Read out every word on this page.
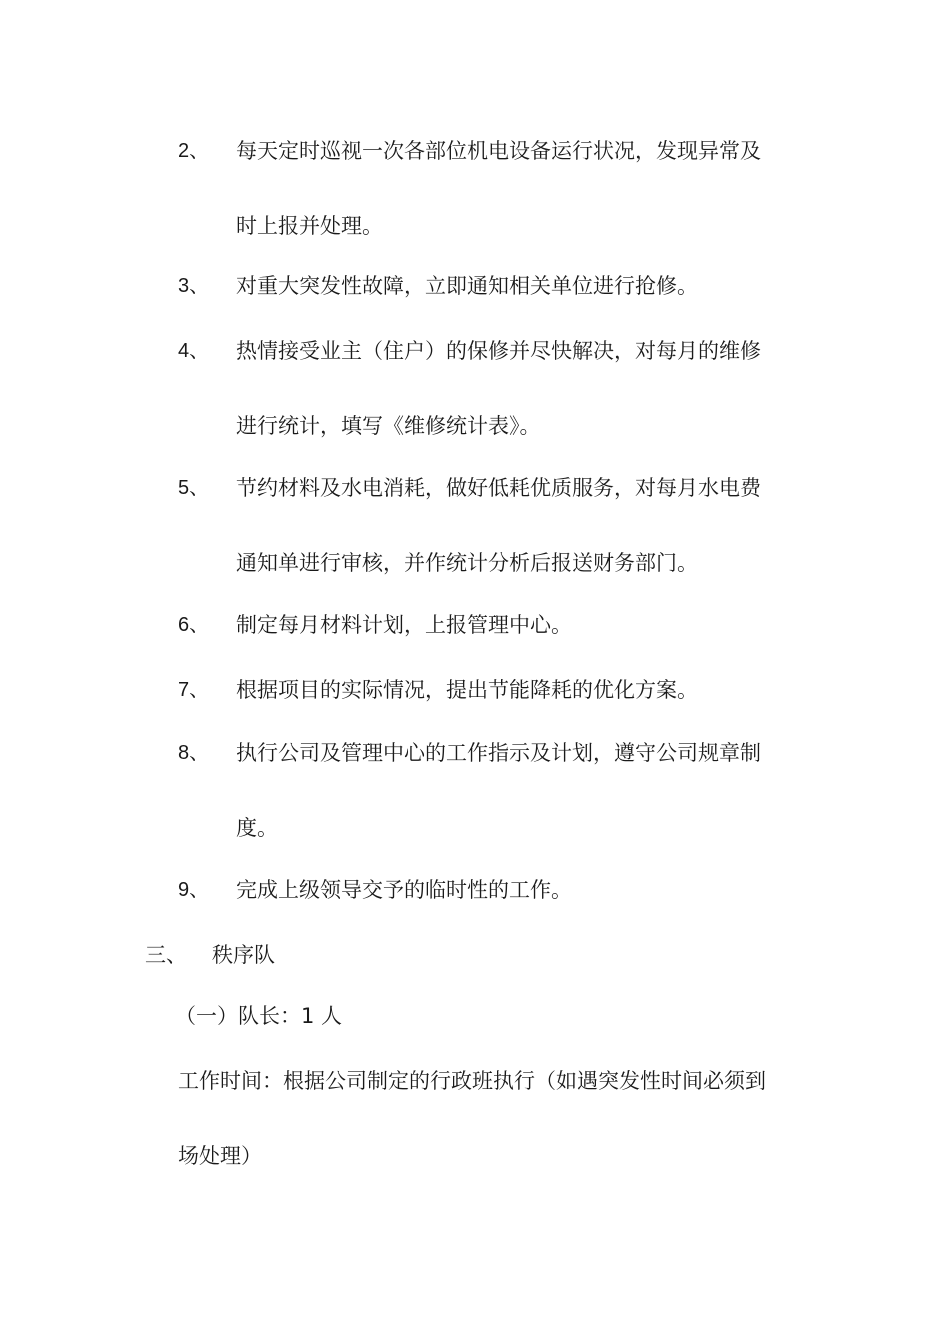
2、 每天定时巡视一次各部位机电设备运行状况，发现异常及
时上报并处理。
3、 对重大突发性故障，立即通知相关单位进行抢修。
4、 热情接受业主（住户）的保修并尽快解决，对每月的维修
进行统计，填写《维修统计表》。
5、 节约材料及水电消耗，做好低耗优质服务，对每月水电费
通知单进行审核，并作统计分析后报送财务部门。
6、 制定每月材料计划，上报管理中心。
7、 根据项目的实际情况，提出节能降耗的优化方案。
8、 执行公司及管理中心的工作指示及计划，遵守公司规章制
度。
9、 完成上级领导交予的临时性的工作。
三、 秩序队
（一）队长：1 人
工作时间：根据公司制定的行政班执行（如遇突发性时间必须到
场处理）
